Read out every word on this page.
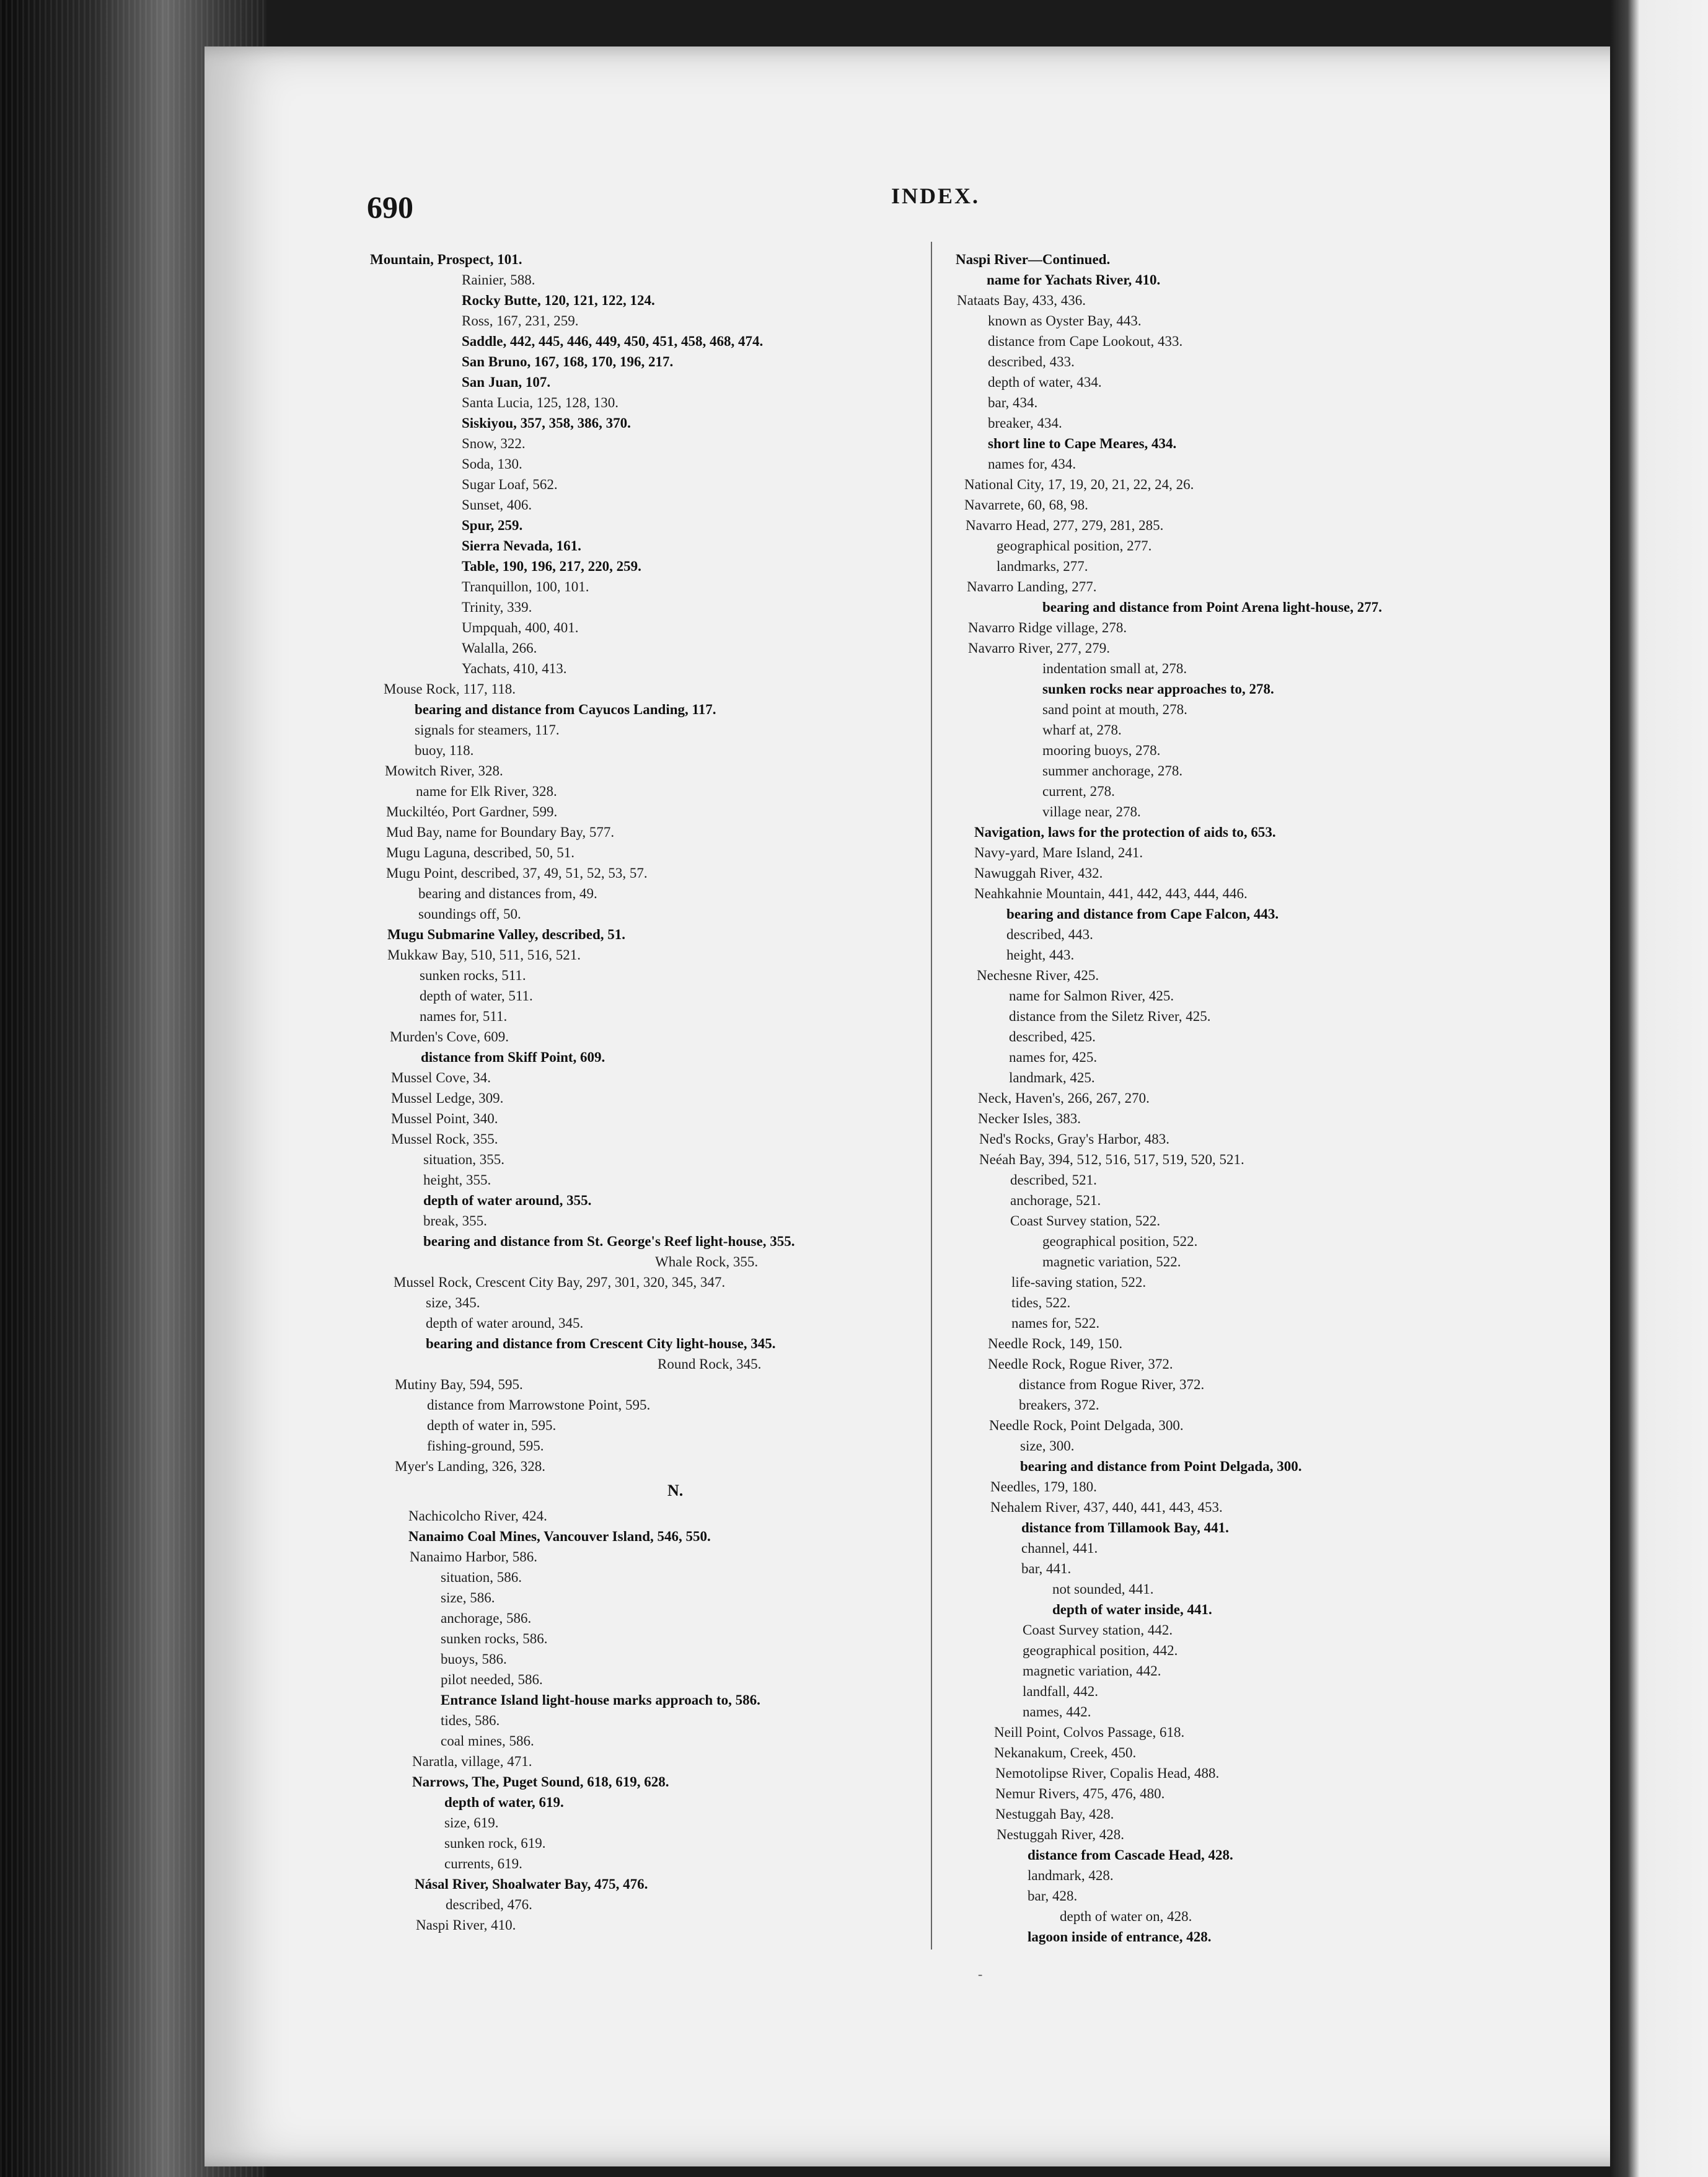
690	INDEX.
Mountain, Prospect, 101.
Rainier, 588.
Rocky Butte, 120, 121, 122, 124.
Ross, 167, 231, 259.
Saddle, 442, 445, 446, 449, 450, 451, 458, 468, 474.
San Bruno, 167, 168, 170, 196, 217.
San Juan, 107.
Santa Lucia, 125, 128, 130.
Siskiyou, 357, 358, 386, 370.
Snow, 322.
Soda, 130.
Sugar Loaf, 562.
Sunset, 406.
Spur, 259.
Sierra Nevada, 161.
Table, 190, 196, 217, 220, 259.
Tranquillon, 100, 101.
Trinity, 339.
Umpquah, 400, 401.
Walalla, 266.
Yachats, 410, 413.
Mouse Rock, 117, 118.
bearing and distance from Cayucos Landing, 117.
signals for steamers, 117.
buoy, 118.
Mowitch River, 328.
name for Elk River, 328.
Muckiltéo, Port Gardner, 599.
Mud Bay, name for Boundary Bay, 577.
Mugu Laguna, described, 50, 51.
Mugu Point, described, 37, 49, 51, 52, 53, 57.
bearing and distances from, 49.
soundings off, 50.
Mugu Submarine Valley, described, 51.
Mukkaw Bay, 510, 511, 516, 521.
sunken rocks, 511.
depth of water, 511.
names for, 511.
Murden's Cove, 609.
distance from Skiff Point, 609.
Mussel Cove, 34.
Mussel Ledge, 309.
Mussel Point, 340.
Mussel Rock, 355.
situation, 355.
height, 355.
depth of water around, 355.
break, 355.
bearing and distance from St. George's Reef light-house, 355.
Whale Rock, 355.
Mussel Rock, Crescent City Bay, 297, 301, 320, 345, 347.
size, 345.
depth of water around, 345.
bearing and distance from Crescent City light-house, 345.
Round Rock, 345.
Mutiny Bay, 594, 595.
distance from Marrowstone Point, 595.
depth of water in, 595.
fishing-ground, 595.
Myer's Landing, 326, 328.
N.
Nachicolcho River, 424.
Nanaimo Coal Mines, Vancouver Island, 546, 550.
Nanaimo Harbor, 586.
situation, 586.
size, 586.
anchorage, 586.
sunken rocks, 586.
buoys, 586.
pilot needed, 586.
Entrance Island light-house marks approach to, 586.
tides, 586.
coal mines, 586.
Naratla, village, 471.
Narrows, The, Puget Sound, 618, 619, 628.
depth of water, 619.
size, 619.
sunken rock, 619.
currents, 619.
Násal River, Shoalwater Bay, 475, 476.
described, 476.
Naspi River, 410.
Naspi River—Continued.
name for Yachats River, 410.
Nataats Bay, 433, 436.
known as Oyster Bay, 443.
distance from Cape Lookout, 433.
described, 433.
depth of water, 434.
bar, 434.
breaker, 434.
short line to Cape Meares, 434.
names for, 434.
National City, 17, 19, 20, 21, 22, 24, 26.
Navarrete, 60, 68, 98.
Navarro Head, 277, 279, 281, 285.
geographical position, 277.
landmarks, 277.
Navarro Landing, 277.
bearing and distance from Point Arena light-house, 277.
Navarro Ridge village, 278.
Navarro River, 277, 279.
indentation small at, 278.
sunken rocks near approaches to, 278.
sand point at mouth, 278.
wharf at, 278.
mooring buoys, 278.
summer anchorage, 278.
current, 278.
village near, 278.
Navigation, laws for the protection of aids to, 653.
Navy-yard, Mare Island, 241.
Nawuggah River, 432.
Neahkahnie Mountain, 441, 442, 443, 444, 446.
bearing and distance from Cape Falcon, 443.
described, 443.
height, 443.
Nechesne River, 425.
name for Salmon River, 425.
distance from the Siletz River, 425.
described, 425.
names for, 425.
landmark, 425.
Neck, Haven's, 266, 267, 270.
Necker Isles, 383.
Ned's Rocks, Gray's Harbor, 483.
Neéah Bay, 394, 512, 516, 517, 519, 520, 521.
described, 521.
anchorage, 521.
Coast Survey station, 522.
geographical position, 522.
magnetic variation, 522.
life-saving station, 522.
tides, 522.
names for, 522.
Needle Rock, 149, 150.
Needle Rock, Rogue River, 372.
distance from Rogue River, 372.
breakers, 372.
Needle Rock, Point Delgada, 300.
size, 300.
bearing and distance from Point Delgada, 300.
Needles, 179, 180.
Nehalem River, 437, 440, 441, 443, 453.
distance from Tillamook Bay, 441.
channel, 441.
bar, 441.
not sounded, 441.
depth of water inside, 441.
Coast Survey station, 442.
geographical position, 442.
magnetic variation, 442.
landfall, 442.
names, 442.
Neill Point, Colvos Passage, 618.
Nekanakum, Creek, 450.
Nemotolipse River, Copalis Head, 488.
Nemur Rivers, 475, 476, 480.
Nestuggah Bay, 428.
Nestuggah River, 428.
distance from Cascade Head, 428.
landmark, 428.
bar, 428.
depth of water on, 428.
lagoon inside of entrance, 428.
-
